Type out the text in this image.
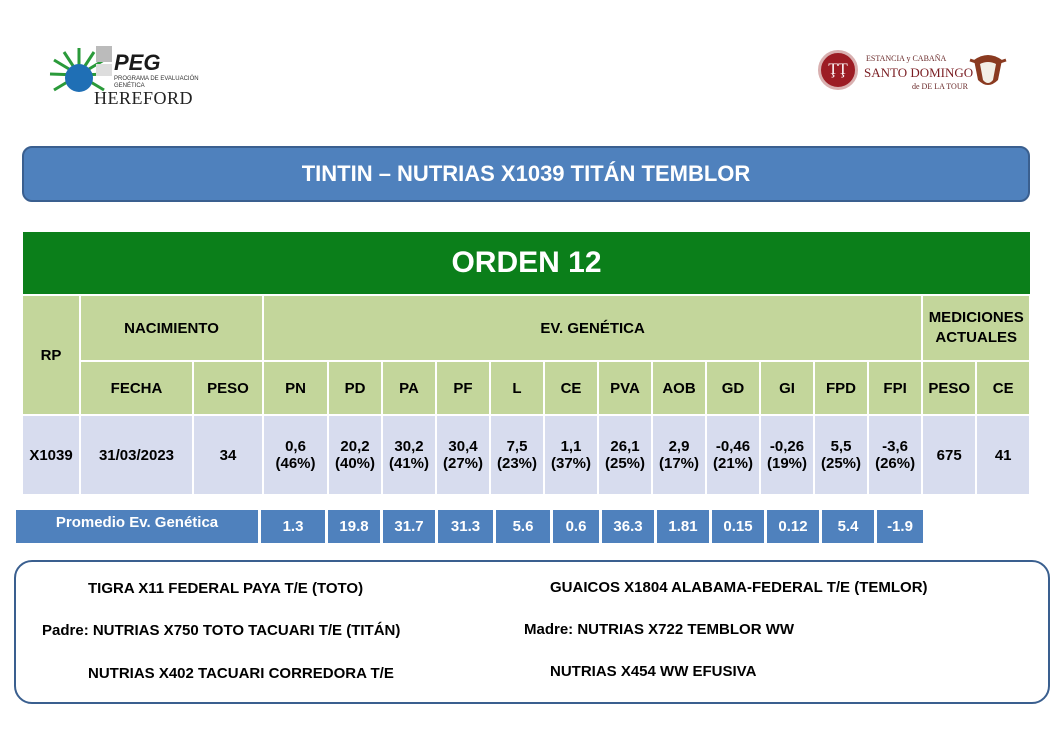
PEG
PROGRAMA DE EVALUACIÓN GENÉTICA
HEREFORD
ŢŢ
ESTANCIA y CABAÑA
SANTO DOMINGO
de DE LA TOUR
TINTIN – NUTRIAS X1039 TITÁN TEMBLOR
ORDEN 12
RP	NACIMIENTO		EV. GENÉTICA												MEDICIONES ACTUALES	
	FECHA	PESO	PN	PD	PA	PF	L	CE	PVA	AOB	GD	GI	FPD	FPI	PESO	CE
X1039	31/03/2023	34	0,6
(46%)	20,2
(40%)	30,2
(41%)	30,4
(27%)	7,5
(23%)	1,1
(37%)	26,1
(25%)	2,9
(17%)	-0,46
(21%)	-0,26
(19%)	5,5
(25%)	-3,6
(26%)	675	41
Promedio Ev. Genética	1.3	19.8	31.7	31.3	5.6	0.6	36.3	1.81	0.15	0.12	5.4	-1.9
TIGRA X11 FEDERAL PAYA T/E (TOTO)
Padre: NUTRIAS X750 TOTO TACUARI T/E (TITÁN)
NUTRIAS X402 TACUARI CORREDORA T/E
GUAICOS X1804 ALABAMA-FEDERAL T/E (TEMLOR)
Madre: NUTRIAS X722 TEMBLOR WW
NUTRIAS X454 WW EFUSIVA
